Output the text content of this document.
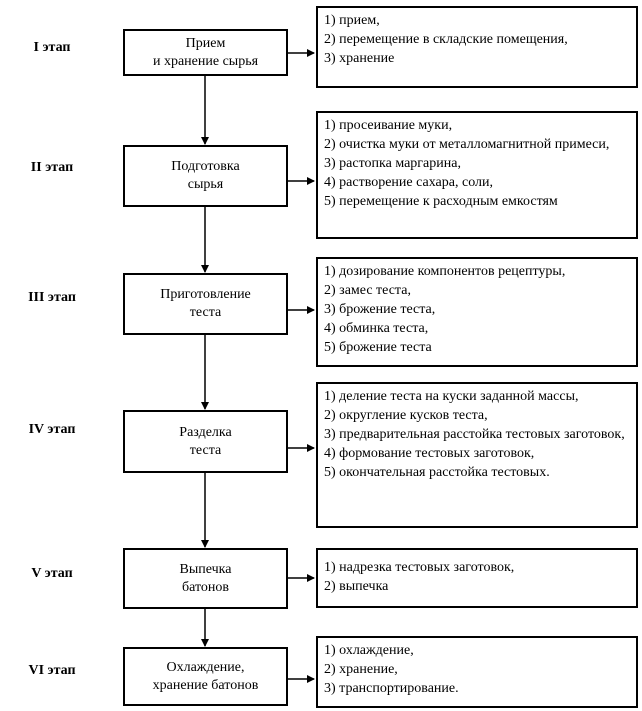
I этап	Прием
и хранение сырья
1) прием,
2) перемещение в складские помещения,
3) хранение
II этап	Подготовка
сырья
1) просеивание муки,
2) очистка муки от металломагнитной примеси,
3) растопка маргарина,
4) растворение сахара, соли,
5) перемещение к расходным емкостям
III этап	Приготовление
теста
1) дозирование компонентов рецептуры,
2) замес теста,
3) брожение теста,
4) обминка теста,
5) брожение теста
IV этап	Разделка
теста
1) деление теста на куски заданной массы,
2) округление кусков теста,
3) предварительная расстойка тестовых заготовок,
4) формование тестовых заготовок,
5) окончательная расстойка тестовых.
V этап	Выпечка
батонов
1) надрезка тестовых заготовок,
2) выпечка
VI этап	Охлаждение,
хранение батонов
1) охлаждение,
2) хранение,
3) транспортирование.
